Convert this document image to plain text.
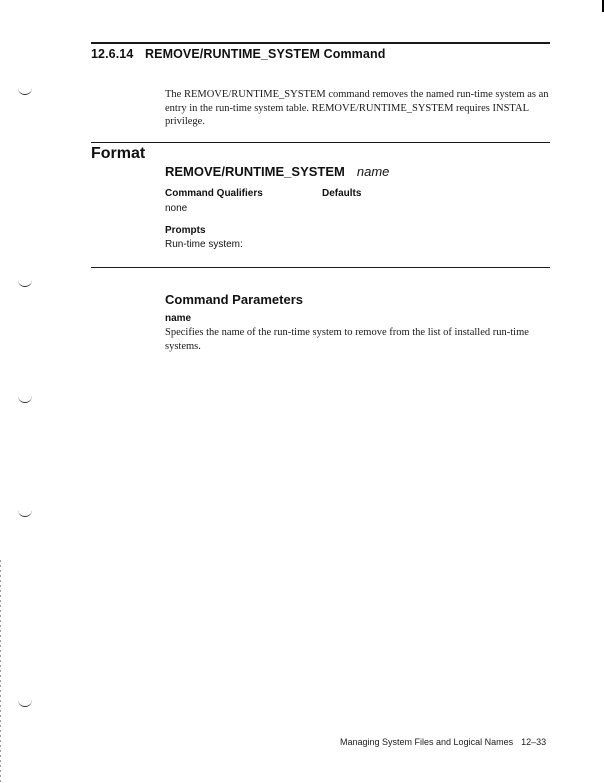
12.6.14 REMOVE/RUNTIME_SYSTEM Command

The REMOVE/RUNTIME_SYSTEM command removes the named run-time system as an entry in the run-time system table. REMOVE/RUNTIME_SYSTEM requires INSTAL privilege.

Format
REMOVE/RUNTIME_SYSTEM name
Command Qualifiers	Defaults
none
Prompts
Run-time system:
Command Parameters
name

Specifies the name of the run-time system to remove from the list of installed run-time systems.

Managing System Files and Logical Names 12–33
